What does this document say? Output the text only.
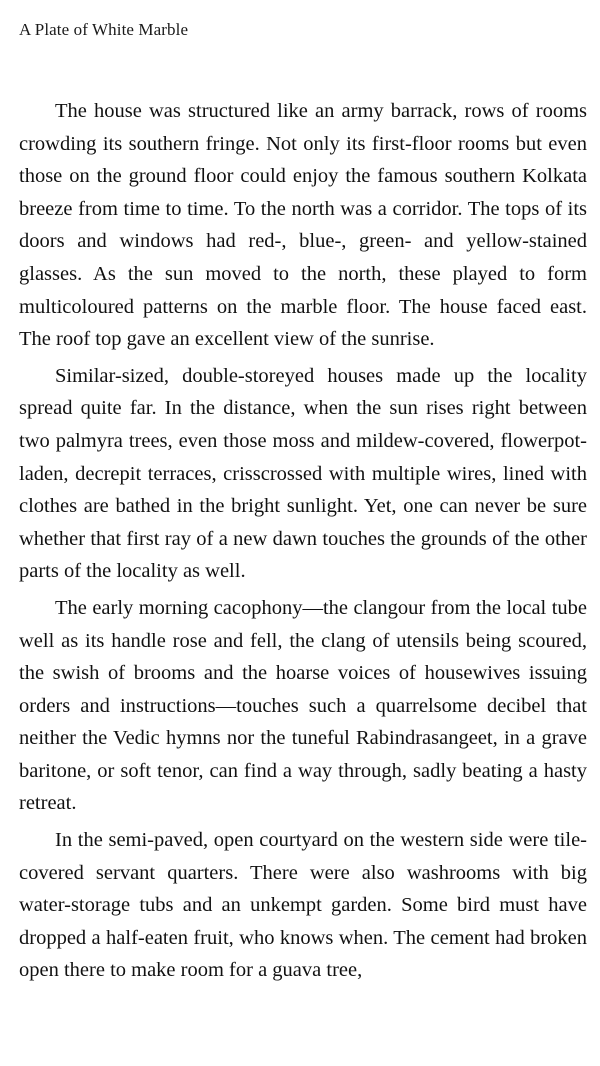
A Plate of White Marble

The house was structured like an army barrack, rows of rooms crowding its southern fringe. Not only its first-floor rooms but even those on the ground floor could enjoy the famous southern Kolkata breeze from time to time. To the north was a corridor. The tops of its doors and windows had red-, blue-, green- and yellow-stained glasses. As the sun moved to the north, these played to form multicoloured patterns on the marble floor. The house faced east. The roof top gave an excellent view of the sunrise.

Similar-sized, double-storeyed houses made up the locality spread quite far. In the distance, when the sun rises right between two palmyra trees, even those moss and mildew-covered, flowerpot-laden, decrepit terraces, crisscrossed with multiple wires, lined with clothes are bathed in the bright sunlight. Yet, one can never be sure whether that first ray of a new dawn touches the grounds of the other parts of the locality as well.

The early morning cacophony—the clangour from the local tube well as its handle rose and fell, the clang of utensils being scoured, the swish of brooms and the hoarse voices of housewives issuing orders and instructions—touches such a quarrelsome decibel that neither the Vedic hymns nor the tuneful Rabindrasangeet, in a grave baritone, or soft tenor, can find a way through, sadly beating a hasty retreat.

In the semi-paved, open courtyard on the western side were tile-covered servant quarters. There were also washrooms with big water-storage tubs and an unkempt garden. Some bird must have dropped a half-eaten fruit, who knows when. The cement had broken open there to make room for a guava tree,
